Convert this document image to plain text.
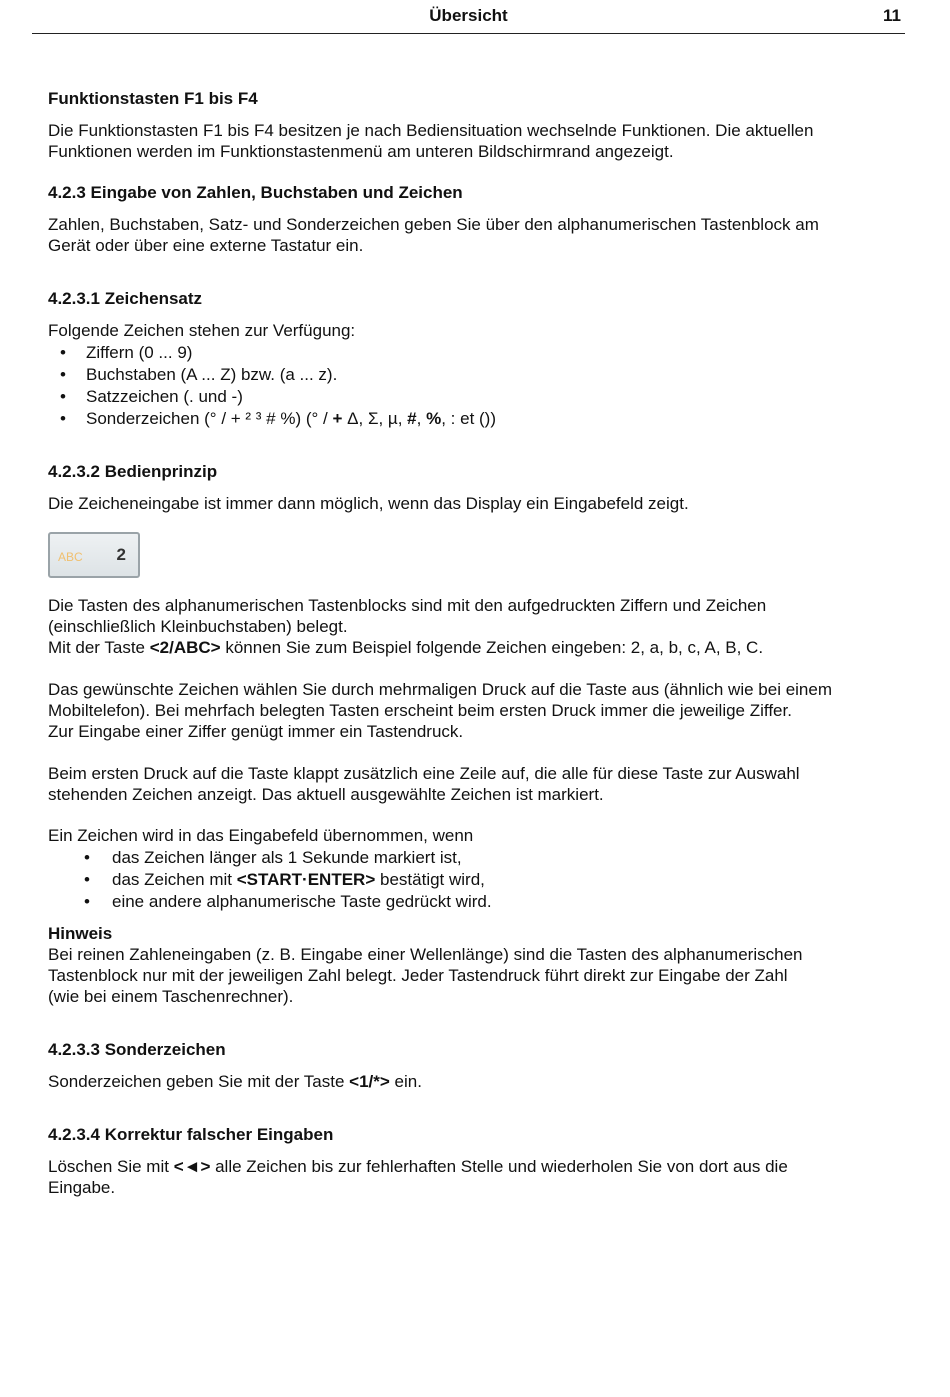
Übersicht	11

Funktionstasten F1 bis F4

Die Funktionstasten F1 bis F4 besitzen je nach Bediensituation wechselnde Funktionen. Die aktuellen

Funktionen werden im Funktionstastenmenü am unteren Bildschirmrand angezeigt.

4.2.3 Eingabe von Zahlen, Buchstaben und Zeichen

Zahlen, Buchstaben, Satz- und Sonderzeichen geben Sie über den alphanumerischen Tastenblock am

Gerät oder über eine externe Tastatur ein.

4.2.3.1 Zeichensatz

Folgende Zeichen stehen zur Verfügung:

• Ziffern (0 ... 9)
• Buchstaben (A ... Z) bzw. (a ... z).
• Satzzeichen (. und -)
• Sonderzeichen (° / + ² ³ # %) (° / + Δ, Σ, µ, #, %, : et ())

4.2.3.2 Bedienprinzip

Die Zeicheneingabe ist immer dann möglich, wenn das Display ein Eingabefeld zeigt.

ABC 2

Die Tasten des alphanumerischen Tastenblocks sind mit den aufgedruckten Ziffern und Zeichen

(einschließlich Kleinbuchstaben) belegt.

Mit der Taste <2/ABC> können Sie zum Beispiel folgende Zeichen eingeben: 2, a, b, c, A, B, C.

Das gewünschte Zeichen wählen Sie durch mehrmaligen Druck auf die Taste aus (ähnlich wie bei einem

Mobiltelefon). Bei mehrfach belegten Tasten erscheint beim ersten Druck immer die jeweilige Ziffer.

Zur Eingabe einer Ziffer genügt immer ein Tastendruck.

Beim ersten Druck auf die Taste klappt zusätzlich eine Zeile auf, die alle für diese Taste zur Auswahl

stehenden Zeichen anzeigt. Das aktuell ausgewählte Zeichen ist markiert.

Ein Zeichen wird in das Eingabefeld übernommen, wenn

• das Zeichen länger als 1 Sekunde markiert ist,
• das Zeichen mit <START·ENTER> bestätigt wird,
• eine andere alphanumerische Taste gedrückt wird.

Hinweis

Bei reinen Zahleneingaben (z. B. Eingabe einer Wellenlänge) sind die Tasten des alphanumerischen

Tastenblock nur mit der jeweiligen Zahl belegt. Jeder Tastendruck führt direkt zur Eingabe der Zahl

(wie bei einem Taschenrechner).

4.2.3.3 Sonderzeichen

Sonderzeichen geben Sie mit der Taste <1/*> ein.

4.2.3.4 Korrektur falscher Eingaben

Löschen Sie mit <◄> alle Zeichen bis zur fehlerhaften Stelle und wiederholen Sie von dort aus die

Eingabe.
